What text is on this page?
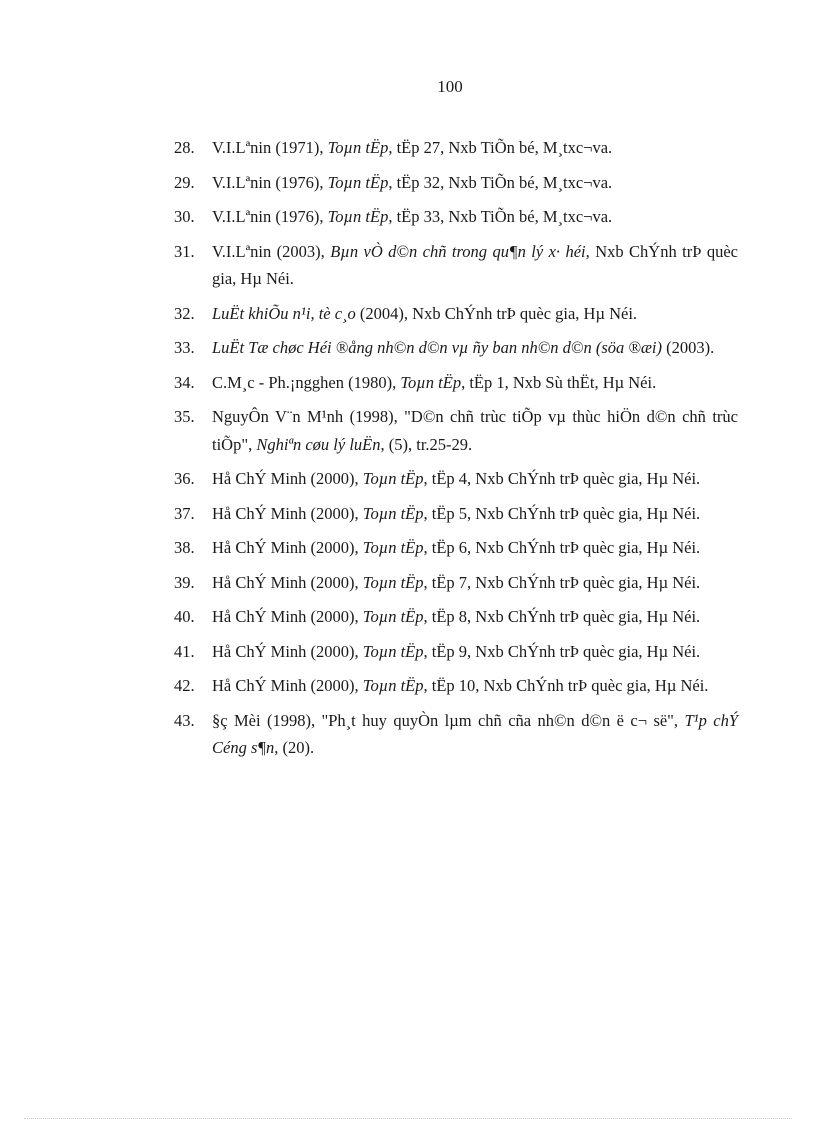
100
28. V.I.Lªnin (1971), Toµn tËp, tËp 27, Nxb TiÕn bé, M¸txc¬va.
29. V.I.Lªnin (1976), Toµn tËp, tËp 32, Nxb TiÕn bé, M¸txc¬va.
30. V.I.Lªnin (1976), Toµn tËp, tËp 33, Nxb TiÕn bé, M¸txc¬va.
31. V.I.Lªnin (2003), Bµn vÒ d©n chñ trong qu¶n lý x· héi, Nxb ChÝnh trÞ quèc gia, Hµ Néi.
32. LuËt khiÕu n¹i, tè c¸o (2004), Nxb ChÝnh trÞ quèc gia, Hµ Néi.
33. LuËt Tæ chøc Héi ®ång nh©n d©n vµ ñy ban nh©n d©n (söa ®æi) (2003).
34. C.M¸c - Ph.¡ngghen (1980), Toµn tËp, tËp 1, Nxb Sù thËt, Hµ Néi.
35. NguyÔn V¨n M¹nh (1998), "D©n chñ trùc tiÕp vµ thùc hiÖn d©n chñ trùc tiÕp", Nghiªn cøu lý luËn, (5), tr.25-29.
36. Hå ChÝ Minh (2000), Toµn tËp, tËp 4, Nxb ChÝnh trÞ quèc gia, Hµ Néi.
37. Hå ChÝ Minh (2000), Toµn tËp, tËp 5, Nxb ChÝnh trÞ quèc gia, Hµ Néi.
38. Hå ChÝ Minh (2000), Toµn tËp, tËp 6, Nxb ChÝnh trÞ quèc gia, Hµ Néi.
39. Hå ChÝ Minh (2000), Toµn tËp, tËp 7, Nxb ChÝnh trÞ quèc gia, Hµ Néi.
40. Hå ChÝ Minh (2000), Toµn tËp, tËp 8, Nxb ChÝnh trÞ quèc gia, Hµ Néi.
41. Hå ChÝ Minh (2000), Toµn tËp, tËp 9, Nxb ChÝnh trÞ quèc gia, Hµ Néi.
42. Hå ChÝ Minh (2000), Toµn tËp, tËp 10, Nxb ChÝnh trÞ quèc gia, Hµ Néi.
43. §ç Mèi (1998), "Ph¸t huy quyÒn lµm chñ cña nh©n d©n ë c¬ së", T¹p chÝ Céng s¶n, (20).
